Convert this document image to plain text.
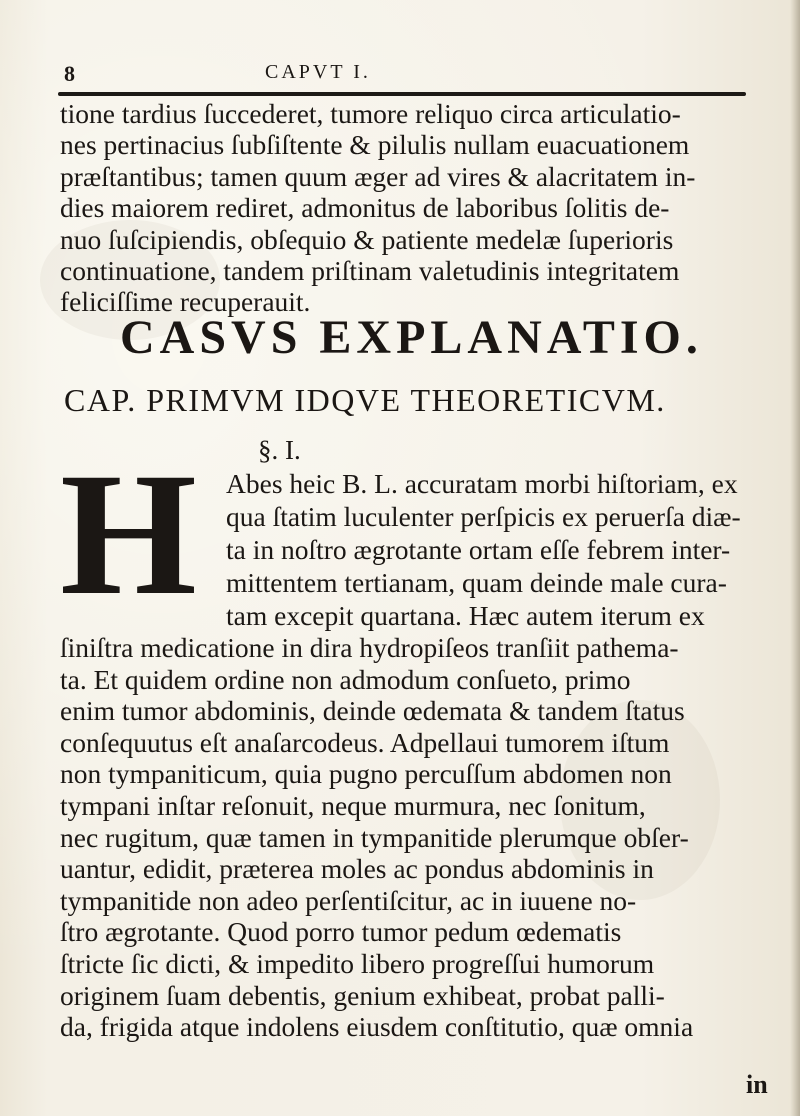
8	CAPVT I.
tione tardius ſuccederet, tumore reliquo circa articulatio-
nes pertinacius ſubſiſtente & pilulis nullam euacuationem
præſtantibus; tamen quum æger ad vires & alacritatem in-
dies maiorem rediret, admonitus de laboribus ſolitis de-
nuo ſuſcipiendis, obſequio & patiente medelæ ſuperioris
continuatione, tandem priſtinam valetudinis integritatem
feliciſſime recuperauit.
CASVS EXPLANATIO.
CAP. PRIMVM IDQVE THEORETICVM.
§. I.
H Abes heic B. L. accuratam morbi hiſtoriam, ex
qua ſtatim luculenter perſpicis ex peruerſa diæ-
ta in noſtro ægrotante ortam eſſe febrem inter-
mittentem tertianam, quam deinde male cura-
tam excepit quartana. Hæc autem iterum ex
ſiniſtra medicatione in dira hydropiſeos tranſiit pathema-
ta. Et quidem ordine non admodum conſueto, primo
enim tumor abdominis, deinde œdemata & tandem ſtatus
conſequutus eſt anaſarcodeus. Adpellaui tumorem iſtum
non tympaniticum, quia pugno percuſſum abdomen non
tympani inſtar reſonuit, neque murmura, nec ſonitum,
nec rugitum, quæ tamen in tympanitide plerumque obſer-
uantur, edidit, præterea moles ac pondus abdominis in
tympanitide non adeo perſentiſcitur, ac in iuuene no-
ſtro ægrotante. Quod porro tumor pedum œdematis
ſtricte ſic dicti, & impedito libero progreſſui humorum
originem ſuam debentis, genium exhibeat, probat palli-
da, frigida atque indolens eiusdem conſtitutio, quæ omnia
in
